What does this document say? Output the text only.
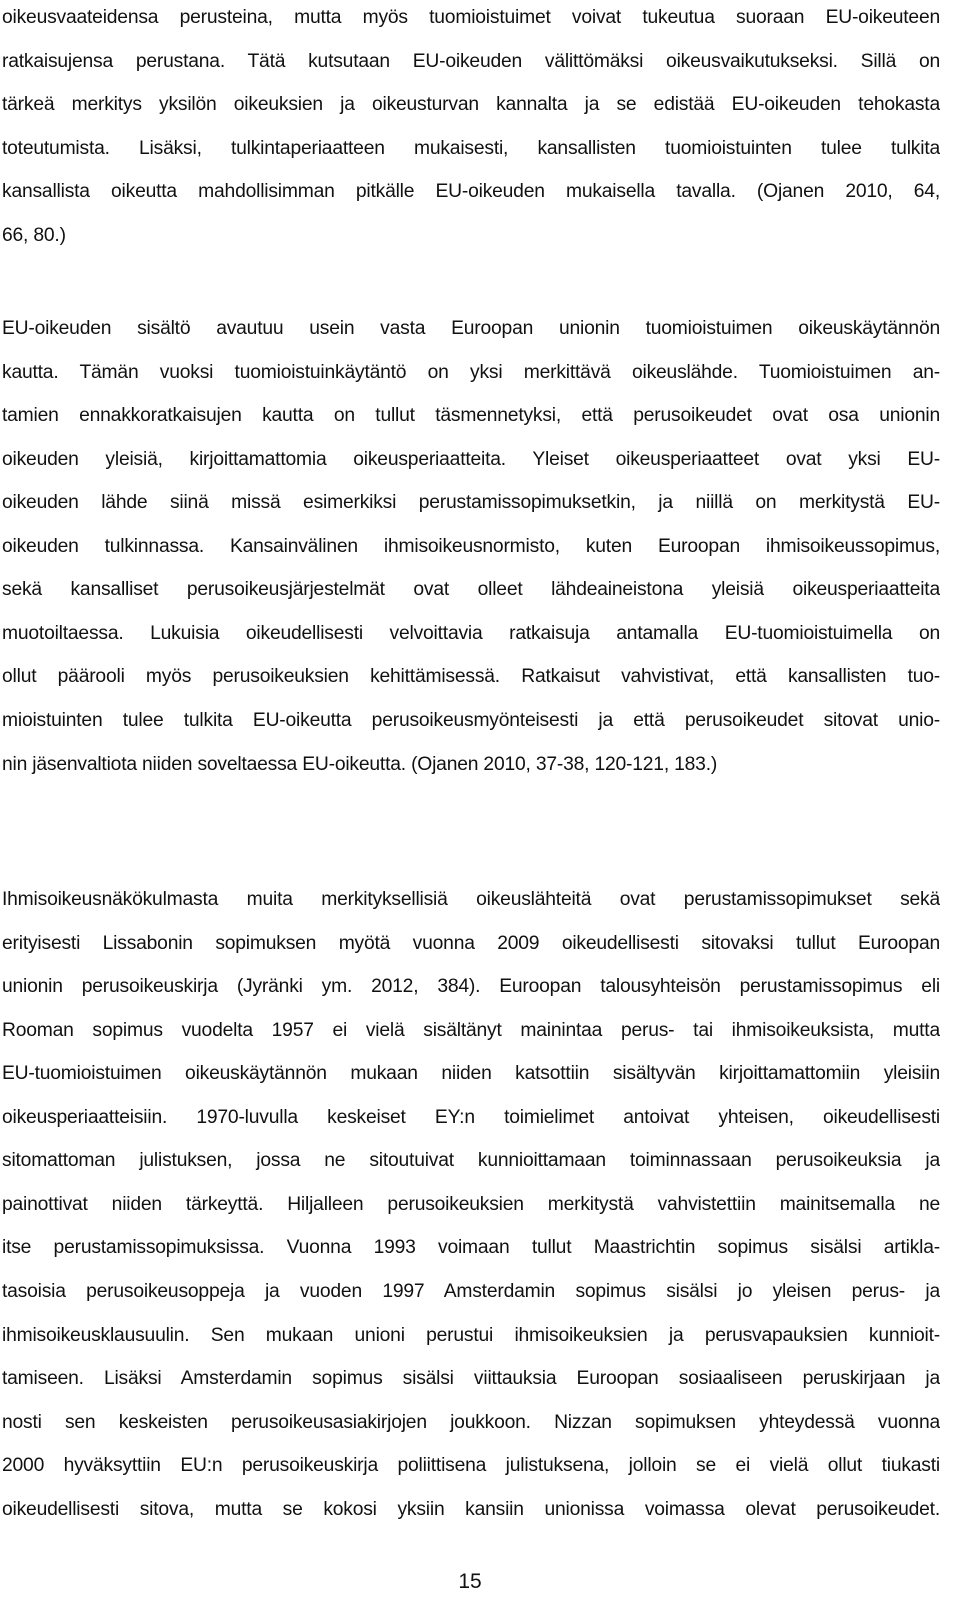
oikeusvaateidensa perusteina, mutta myös tuomioistuimet voivat tukeutua suoraan EU-oikeuteen
ratkaisujensa perustana. Tätä kutsutaan EU-oikeuden välittömäksi oikeusvaikutukseksi. Sillä on
tärkeä merkitys yksilön oikeuksien ja oikeusturvan kannalta ja se edistää EU-oikeuden tehokasta
toteutumista. Lisäksi, tulkintaperiaatteen mukaisesti, kansallisten tuomioistuinten tulee tulkita
kansallista oikeutta mahdollisimman pitkälle EU-oikeuden mukaisella tavalla. (Ojanen 2010, 64,
66, 80.)
EU-oikeuden sisältö avautuu usein vasta Euroopan unionin tuomioistuimen oikeuskäytännön
kautta. Tämän vuoksi tuomioistuinkäytäntö on yksi merkittävä oikeuslähde. Tuomioistuimen an-
tamien ennakkoratkaisujen kautta on tullut täsmennetyksi, että perusoikeudet ovat osa unionin
oikeuden yleisiä, kirjoittamattomia oikeusperiaatteita. Yleiset oikeusperiaatteet ovat yksi EU-
oikeuden lähde siinä missä esimerkiksi perustamissopimuksetkin, ja niillä on merkitystä EU-
oikeuden tulkinnassa. Kansainvälinen ihmisoikeusnormisto, kuten Euroopan ihmisoikeussopimus,
sekä kansalliset perusoikeusjärjestelmät ovat olleet lähdeaineistona yleisiä oikeusperiaatteita
muotoiltaessa. Lukuisia oikeudellisesti velvoittavia ratkaisuja antamalla EU-tuomioistuimella on
ollut päärooli myös perusoikeuksien kehittämisessä. Ratkaisut vahvistivat, että kansallisten tuo-
mioistuinten tulee tulkita EU-oikeutta perusoikeusmyönteisesti ja että perusoikeudet sitovat unio-
nin jäsenvaltiota niiden soveltaessa EU-oikeutta. (Ojanen 2010, 37-38, 120-121, 183.)
Ihmisoikeusnäkökulmasta muita merkityksellisiä oikeuslähteitä ovat perustamissopimukset sekä
erityisesti Lissabonin sopimuksen myötä vuonna 2009 oikeudellisesti sitovaksi tullut Euroopan
unionin perusoikeuskirja (Jyränki ym. 2012, 384). Euroopan talousyhteisön perustamissopimus eli
Rooman sopimus vuodelta 1957 ei vielä sisältänyt mainintaa perus- tai ihmisoikeuksista, mutta
EU-tuomioistuimen oikeuskäytännön mukaan niiden katsottiin sisältyvän kirjoittamattomiin yleisiin
oikeusperiaatteisiin. 1970-luvulla keskeiset EY:n toimielimet antoivat yhteisen, oikeudellisesti
sitomattoman julistuksen, jossa ne sitoutuivat kunnioittamaan toiminnassaan perusoikeuksia ja
painottivat niiden tärkeyttä. Hiljalleen perusoikeuksien merkitystä vahvistettiin mainitsemalla ne
itse perustamissopimuksissa. Vuonna 1993 voimaan tullut Maastrichtin sopimus sisälsi artikla-
tasoisia perusoikeusoppeja ja vuoden 1997 Amsterdamin sopimus sisälsi jo yleisen perus- ja
ihmisoikeusklausuulin. Sen mukaan unioni perustui ihmisoikeuksien ja perusvapauksien kunnioit-
tamiseen. Lisäksi Amsterdamin sopimus sisälsi viittauksia Euroopan sosiaaliseen peruskirjaan ja
nosti sen keskeisten perusoikeusasiakirjojen joukkoon. Nizzan sopimuksen yhteydessä vuonna
2000 hyväksyttiin EU:n perusoikeuskirja poliittisena julistuksena, jolloin se ei vielä ollut tiukasti
oikeudellisesti sitova, mutta se kokosi yksiin kansiin unionissa voimassa olevat perusoikeudet.
15
